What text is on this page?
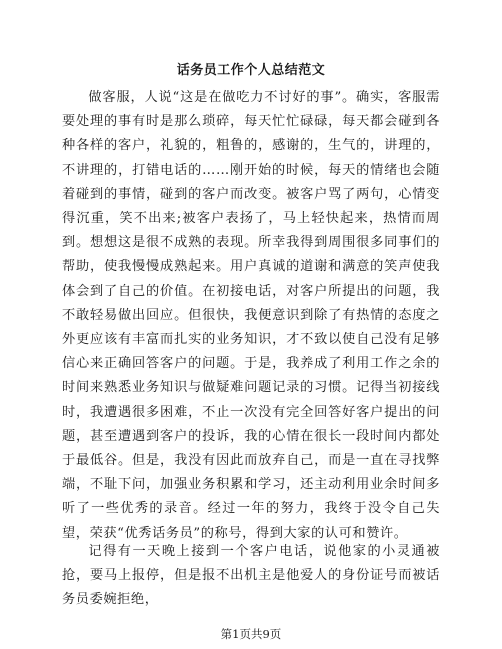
话务员工作个人总结范文

做客服，人说“这是在做吃力不讨好的事”。确实，客服需要处理的事有时是那么琐碎，每天忙忙碌碌，每天都会碰到各种各样的客户，礼貌的，粗鲁的，感谢的，生气的，讲理的，不讲理的，打错电话的……刚开始的时候，每天的情绪也会随着碰到的事情，碰到的客户而改变。被客户骂了两句，心情变得沉重，笑不出来;被客户表扬了，马上轻快起来，热情而周到。想想这是很不成熟的表现。所幸我得到周围很多同事们的帮助，使我慢慢成熟起来。用户真诚的道谢和满意的笑声使我体会到了自己的价值。在初接电话，对客户所提出的问题，我不敢轻易做出回应。但很快，我便意识到除了有热情的态度之外更应该有丰富而扎实的业务知识，才不致以使自己没有足够信心来正确回答客户的问题。于是，我养成了利用工作之余的时间来熟悉业务知识与做疑难问题记录的习惯。记得当初接线时，我遭遇很多困难，不止一次没有完全回答好客户提出的问题，甚至遭遇到客户的投诉，我的心情在很长一段时间内都处于最低谷。但是，我没有因此而放弃自己，而是一直在寻找弊端，不耻下问，加强业务积累和学习，还主动利用业余时间多听了一些优秀的录音。经过一年的努力，我终于没令自己失望，荣获“优秀话务员”的称号，得到大家的认可和赞许。

记得有一天晚上接到一个客户电话，说他家的小灵通被抢，要马上报停，但是报不出机主是他爱人的身份证号而被话务员委婉拒绝，

第1页共9页
